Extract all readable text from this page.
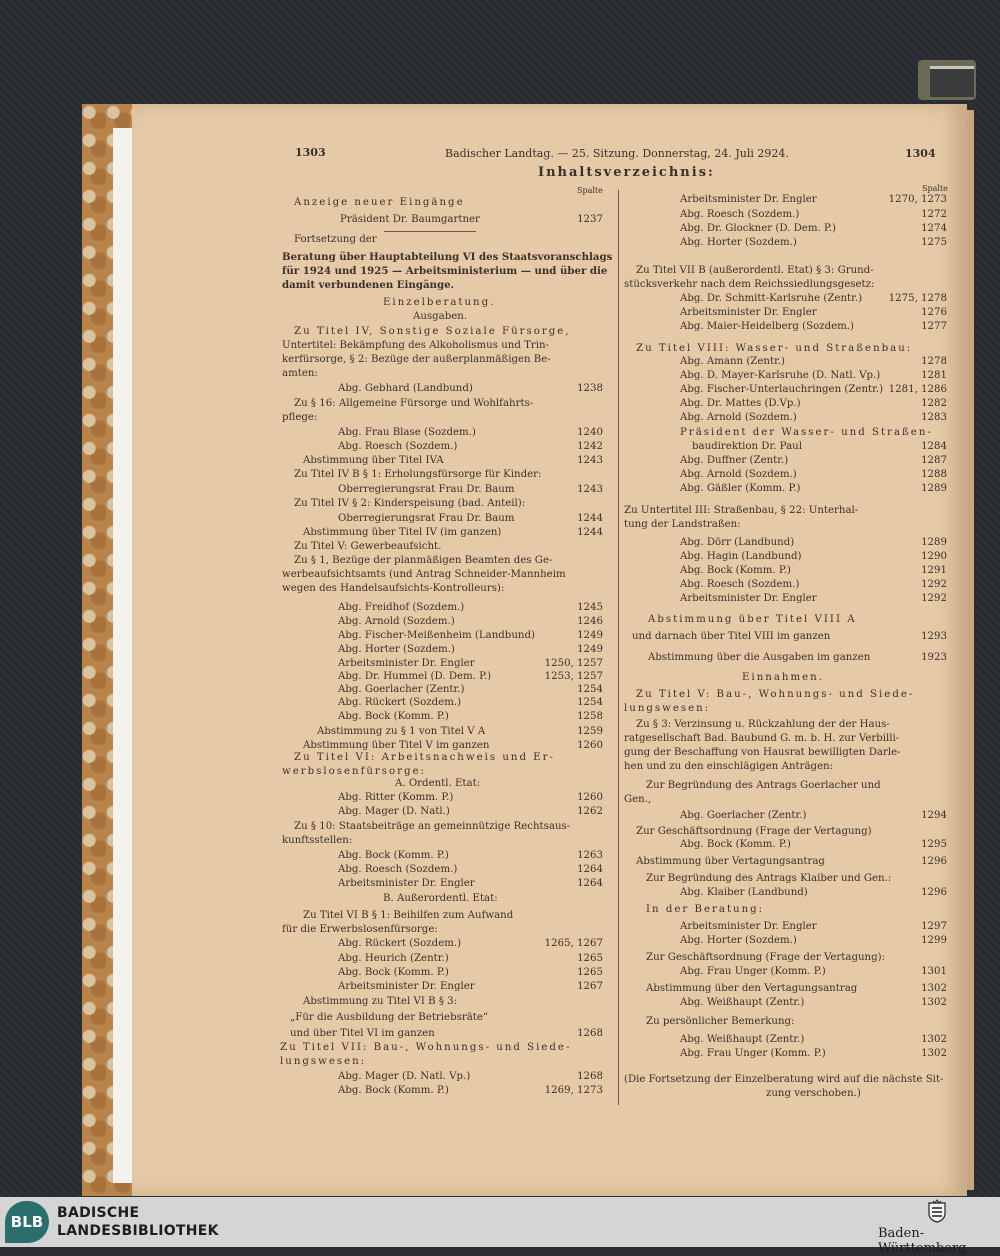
1303	Badischer Landtag. — 25. Sitzung. Donnerstag, 24. Juli 2924.	1304
Inhaltsverzeichnis:
Spalte	Spalte
Anzeige neuer Eingänge
Präsident Dr. Baumgartner	1237
Fortsetzung der
Beratung über Hauptabteilung VI des Staatsvoranschlags
für 1924 und 1925 — Arbeitsministerium — und über die
damit verbundenen Eingänge.
Einzelberatung.
Ausgaben.
Zu Titel IV, Sonstige Soziale Fürsorge,
Untertitel: Bekämpfung des Alkoholismus und Trin-
kerfürsorge, § 2: Bezüge der außerplanmäßigen Be-
amten:
Abg. Gebhard (Landbund)	1238
Zu § 16: Allgemeine Fürsorge und Wohlfahrts-
pflege:
Abg. Frau Blase (Sozdem.)	1240
Abg. Roesch (Sozdem.)	1242
Abstimmung über Titel IVA	1243
Zu Titel IV B § 1: Erholungsfürsorge für Kinder:
Oberregierungsrat Frau Dr. Baum	1243
Zu Titel IV § 2: Kinderspeisung (bad. Anteil):
Oberregierungsrat Frau Dr. Baum	1244
Abstimmung über Titel IV (im ganzen)	1244
Zu Titel V: Gewerbeaufsicht.
Zu § 1, Bezüge der planmäßigen Beamten des Ge-
werbeaufsichtsamts (und Antrag Schneider-Mannheim
wegen des Handelsaufsichts-Kontrolleurs):
Abg. Freidhof (Sozdem.)	1245
Abg. Arnold (Sozdem.)	1246
Abg. Fischer-Meißenheim (Landbund)	1249
Abg. Horter (Sozdem.)	1249
Arbeitsminister Dr. Engler	1250, 1257
Abg. Dr. Hummel (D. Dem. P.)	1253, 1257
Abg. Goerlacher (Zentr.)	1254
Abg. Rückert (Sozdem.)	1254
Abg. Bock (Komm. P.)	1258
Abstimmung zu § 1 von Titel V A	1259
Abstimmung über Titel V im ganzen	1260
Zu Titel VI: Arbeitsnachweis und Er-
werbslosenfürsorge:
A. Ordentl. Etat:
Abg. Ritter (Komm. P.)	1260
Abg. Mager (D. Natl.)	1262
Zu § 10: Staatsbeiträge an gemeinnützige Rechtsaus-
kunftsstellen:
Abg. Bock (Komm. P.)	1263
Abg. Roesch (Sozdem.)	1264
Arbeitsminister Dr. Engler	1264
B. Außerordentl. Etat:
Zu Titel VI B § 1: Beihilfen zum Aufwand
für die Erwerbslosenfürsorge:
Abg. Rückert (Sozdem.)	1265, 1267
Abg. Heurich (Zentr.)	1265
Abg. Bock (Komm. P.)	1265
Arbeitsminister Dr. Engler	1267
Abstimmung zu Titel VI B § 3:
„Für die Ausbildung der Betriebsräte“
und über Titel VI im ganzen	1268
Zu Titel VII: Bau-, Wohnungs- und Siede-
lungswesen:
Abg. Mager (D. Natl. Vp.)	1268
Abg. Bock (Komm. P.)	1269, 1273
Arbeitsminister Dr. Engler	1270, 1273
Abg. Roesch (Sozdem.)	1272
Abg. Dr. Glockner (D. Dem. P.)	1274
Abg. Horter (Sozdem.)	1275
Zu Titel VII B (außerordentl. Etat) § 3: Grund-
stücksverkehr nach dem Reichssiedlungsgesetz:
Abg. Dr. Schmitt-Karlsruhe (Zentr.)	1275, 1278
Arbeitsminister Dr. Engler	1276
Abg. Maier-Heidelberg (Sozdem.)	1277
Zu Titel VIII: Wasser- und Straßenbau:
Abg. Amann (Zentr.)	1278
Abg. D. Mayer-Karlsruhe (D. Natl. Vp.)	1281
Abg. Fischer-Unterlauchringen (Zentr.) 1281, 1286
Abg. Dr. Mattes (D.Vp.)	1282
Abg. Arnold (Sozdem.)	1283
Präsident der Wasser- und Straßen-
baudirektion Dr. Paul	1284
Abg. Duffner (Zentr.)	1287
Abg. Arnold (Sozdem.)	1288
Abg. Gäßler (Komm. P.)	1289
Zu Untertitel III: Straßenbau, § 22: Unterhal-
tung der Landstraßen:
Abg. Dörr (Landbund)	1289
Abg. Hagin (Landbund)	1290
Abg. Bock (Komm. P.)	1291
Abg. Roesch (Sozdem.)	1292
Arbeitsminister Dr. Engler	1292
Abstimmung über Titel VIII A
und darnach über Titel VIII im ganzen	1293
Abstimmung über die Ausgaben im ganzen	1923
Einnahmen.
Zu Titel V: Bau-, Wohnungs- und Siede-
lungswesen:
Zu § 3: Verzinsung u. Rückzahlung der der Haus-
ratgesellschaft Bad. Baubund G. m. b. H. zur Verbilli-
gung der Beschaffung von Hausrat bewilligten Darle-
hen und zu den einschlägigen Anträgen:
Zur Begründung des Antrags Goerlacher und
Gen.,
Abg. Goerlacher (Zentr.)	1294
Zur Geschäftsordnung (Frage der Vertagung)
Abg. Bock (Komm. P.)	1295
Abstimmung über Vertagungsantrag	1296
Zur Begründung des Antrags Klaiber und Gen.:
Abg. Klaiber (Landbund)	1296
In der Beratung:
Arbeitsminister Dr. Engler	1297
Abg. Horter (Sozdem.)	1299
Zur Geschäftsordnung (Frage der Vertagung):
Abg. Frau Unger (Komm. P.)	1301
Abstimmung über den Vertagungsantrag	1302
Abg. Weißhaupt (Zentr.)	1302
Zu persönlicher Bemerkung:
Abg. Weißhaupt (Zentr.)	1302
Abg. Frau Unger (Komm. P.)	1302
(Die Fortsetzung der Einzelberatung wird auf die nächste Sit-
zung verschoben.)
BLB BADISCHE
LANDESBIBLIOTHEK	Baden-Württemberg
